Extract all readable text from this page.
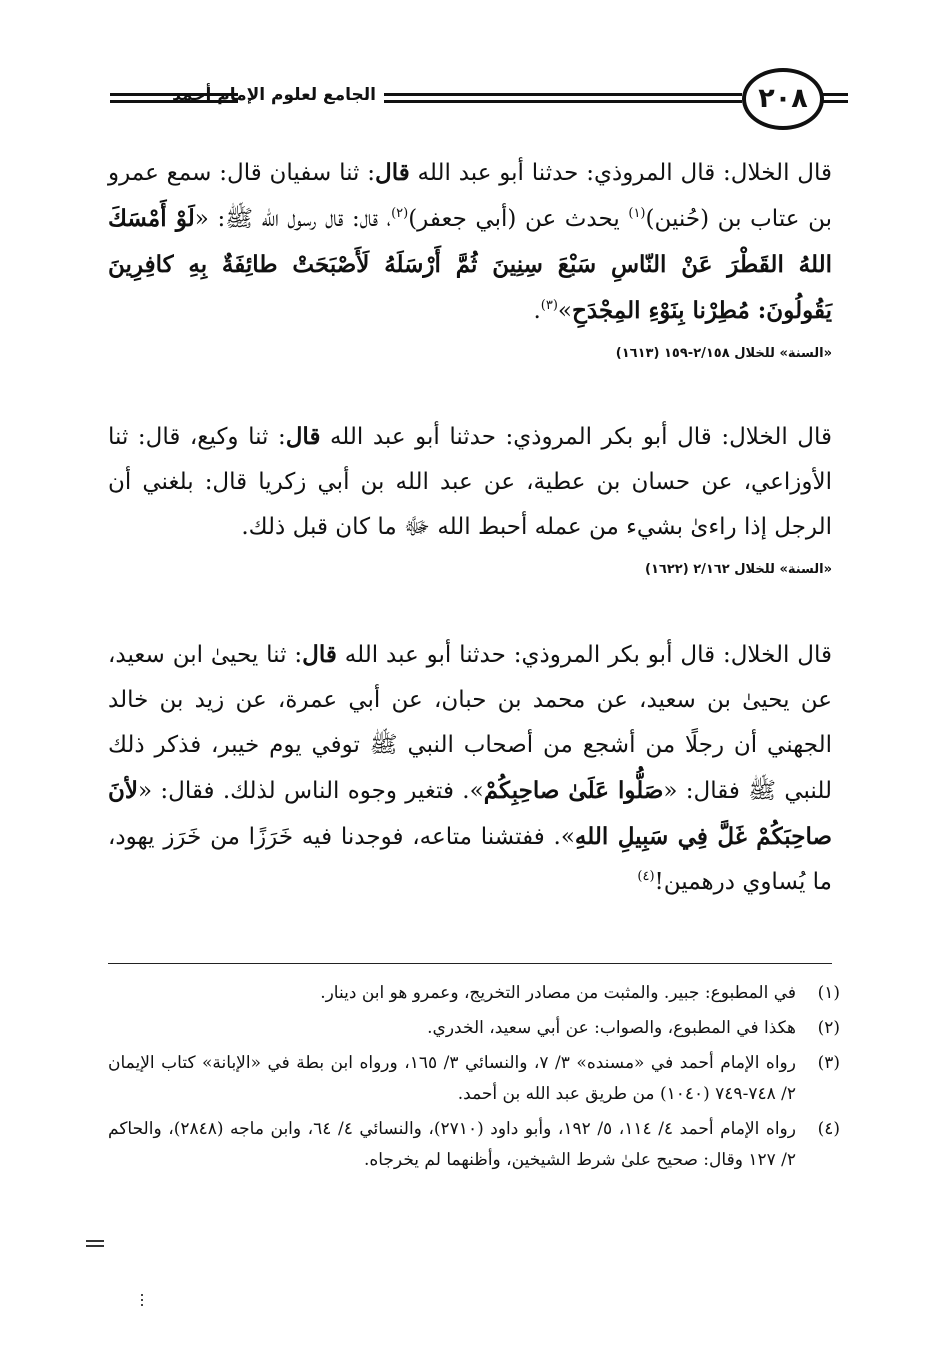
الجامع لعلوم الإمام أحمد	٢٠٨

قال الخلال: قال المروذي: حدثنا أبو عبد الله قال: ثنا سفيان قال: سمع عمرو بن عتاب بن (حُنين)$^{(١)}$ يحدث عن (أبي جعفر)$^{(٢)}$، قال: قال رسول الله ﷺ: «لَوْ أَمْسَكَ اللهُ القَطْرَ عَنْ النّاسِ سَبْعَ سِنِينَ ثُمَّ أَرْسَلَهُ لَأَصْبَحَتْ طائِفَةٌ بِهِ كافِرِينَ يَقُولُونَ: مُطِرْنا بِنَوْءِ المِجْدَحِ»$^{(٣)}$.

«السنة» للخلال ٢/١٥٨-١٥٩ (١٦١٣)

قال الخلال: قال أبو بكر المروذي: حدثنا أبو عبد الله قال: ثنا وكيع، قال: ثنا الأوزاعي، عن حسان بن عطية، عن عبد الله بن أبي زكريا قال: بلغني أن الرجل إذا راءىٰ بشيء من عمله أحبط الله ﷻ ما كان قبل ذلك.

«السنة» للخلال ٢/١٦٢ (١٦٢٢)

قال الخلال: قال أبو بكر المروذي: حدثنا أبو عبد الله قال: ثنا يحيىٰ ابن سعيد، عن يحيىٰ بن سعيد، عن محمد بن حبان، عن أبي عمرة، عن زيد بن خالد الجهني أن رجلًا من أشجع من أصحاب النبي ﷺ توفي يوم خيبر، فذكر ذلك للنبي ﷺ فقال: «صَلُّوا عَلَىٰ صاحِبِكُمْ». فتغير وجوه الناس لذلك. فقال: «لأنَ صاحِبَكُمْ غَلَّ فِي سَبِيلِ اللهِ». ففتشنا متاعه، فوجدنا فيه خَرَزًا من خَرَز يهود، ما يُساوي درهمين!$^{(٤)}$

(١)
في المطبوع: جبير. والمثبت من مصادر التخريج، وعمرو هو ابن دينار.
(٢)
هكذا في المطبوع، والصواب: عن أبي سعيد، الخدري.
(٣)
رواه الإمام أحمد في «مسنده» ٣/ ٧، والنسائي ٣/ ١٦٥، ورواه ابن بطة في «الإبانة» كتاب الإيمان ٢/ ٧٤٨-٧٤٩ (١٠٤٠) من طريق عبد الله بن أحمد.
(٤)
رواه الإمام أحمد ٤/ ١١٤، ٥/ ١٩٢، وأبو داود (٢٧١٠)، والنسائي ٤/ ٦٤، وابن ماجه (٢٨٤٨)، والحاكم ٢/ ١٢٧ وقال: صحيح علىٰ شرط الشيخين، وأظنهما لم يخرجاه.
